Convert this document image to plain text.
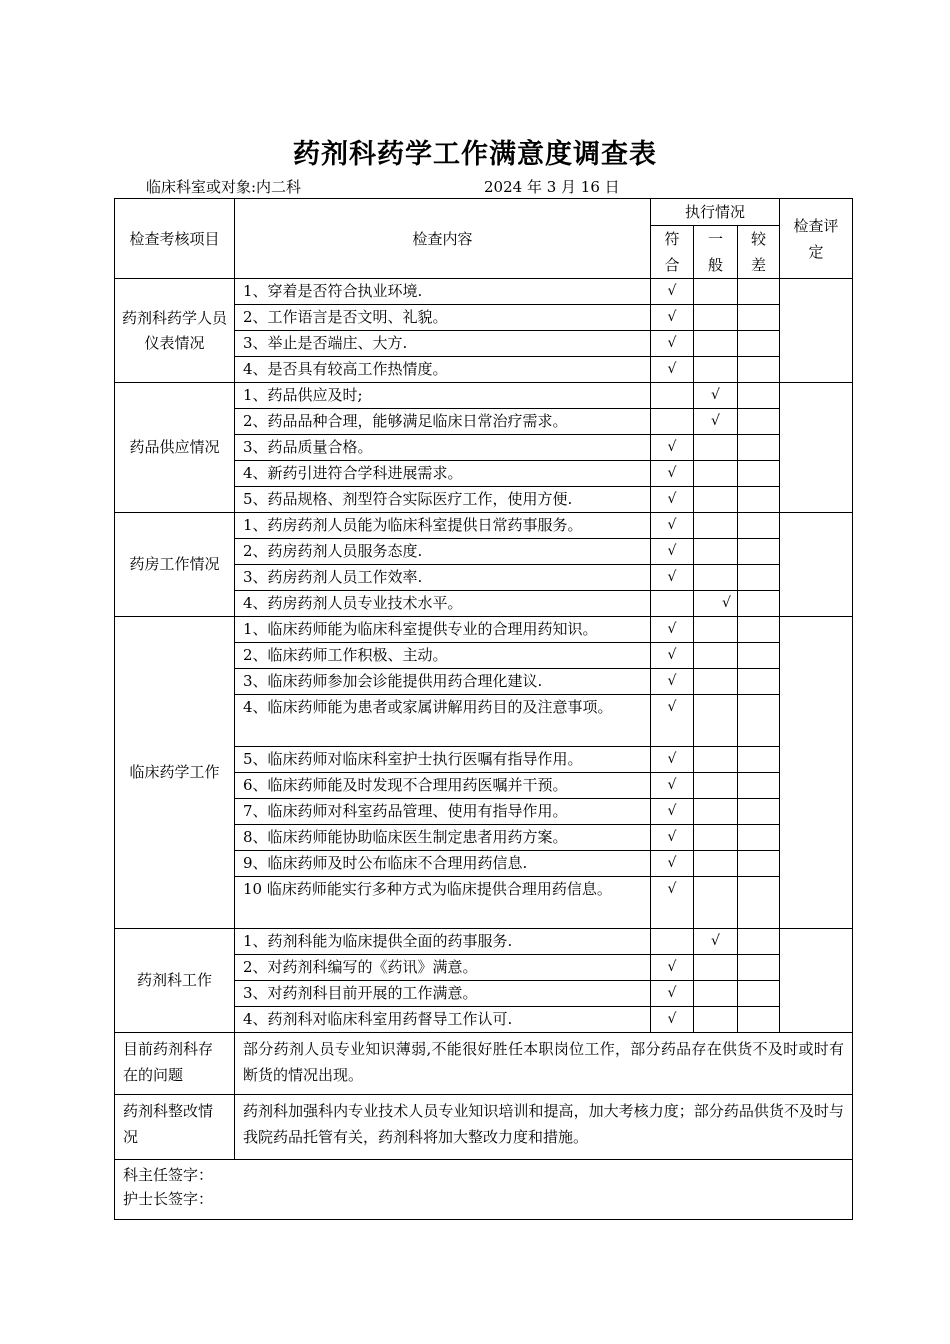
药剂科药学工作满意度调查表
临床科室或对象:内二科	2024 年 3 月 16 日
检查考核项目	检查内容	执行情况			检查评定
		符合	一般	较差	
药剂科药学人员仪表情况	1、穿着是否符合执业环境.	√			
	2、工作语言是否文明、礼貌。	√			
	3、举止是否端庄、大方.	√			
	4、是否具有较高工作热情度。	√			
药品供应情况	1、药品供应及时;		√		
	2、药品品种合理，能够满足临床日常治疗需求。		√		
	3、药品质量合格。	√			
	4、新药引进符合学科进展需求。	√			
	5、药品规格、剂型符合实际医疗工作，使用方便.	√			
药房工作情况	1、药房药剂人员能为临床科室提供日常药事服务。	√			
	2、药房药剂人员服务态度.	√			
	3、药房药剂人员工作效率.	√			
	4、药房药剂人员专业技术水平。		√		
临床药学工作	1、临床药师能为临床科室提供专业的合理用药知识。	√			
	2、临床药师工作积极、主动。	√			
	3、临床药师参加会诊能提供用药合理化建议.	√			
	4、临床药师能为患者或家属讲解用药目的及注意事项。	√			
	5、临床药师对临床科室护士执行医嘱有指导作用。	√			
	6、临床药师能及时发现不合理用药医嘱并干预。	√			
	7、临床药师对科室药品管理、使用有指导作用。	√			
	8、临床药师能协助临床医生制定患者用药方案。	√			
	9、临床药师及时公布临床不合理用药信息.	√			
	10 临床药师能实行多种方式为临床提供合理用药信息。	√			
药剂科工作	1、药剂科能为临床提供全面的药事服务.		√		
	2、对药剂科编写的《药讯》满意。	√			
	3、对药剂科目前开展的工作满意。	√			
	4、药剂科对临床科室用药督导工作认可.	√			
目前药剂科存在的问题	部分药剂人员专业知识薄弱,不能很好胜任本职岗位工作，部分药品存在供货不及时或时有断货的情况出现。				
药剂科整改情况	药剂科加强科内专业技术人员专业知识培训和提高，加大考核力度；部分药品供货不及时与我院药品托管有关，药剂科将加大整改力度和措施。				

科主任签字：
护士长签字：					
